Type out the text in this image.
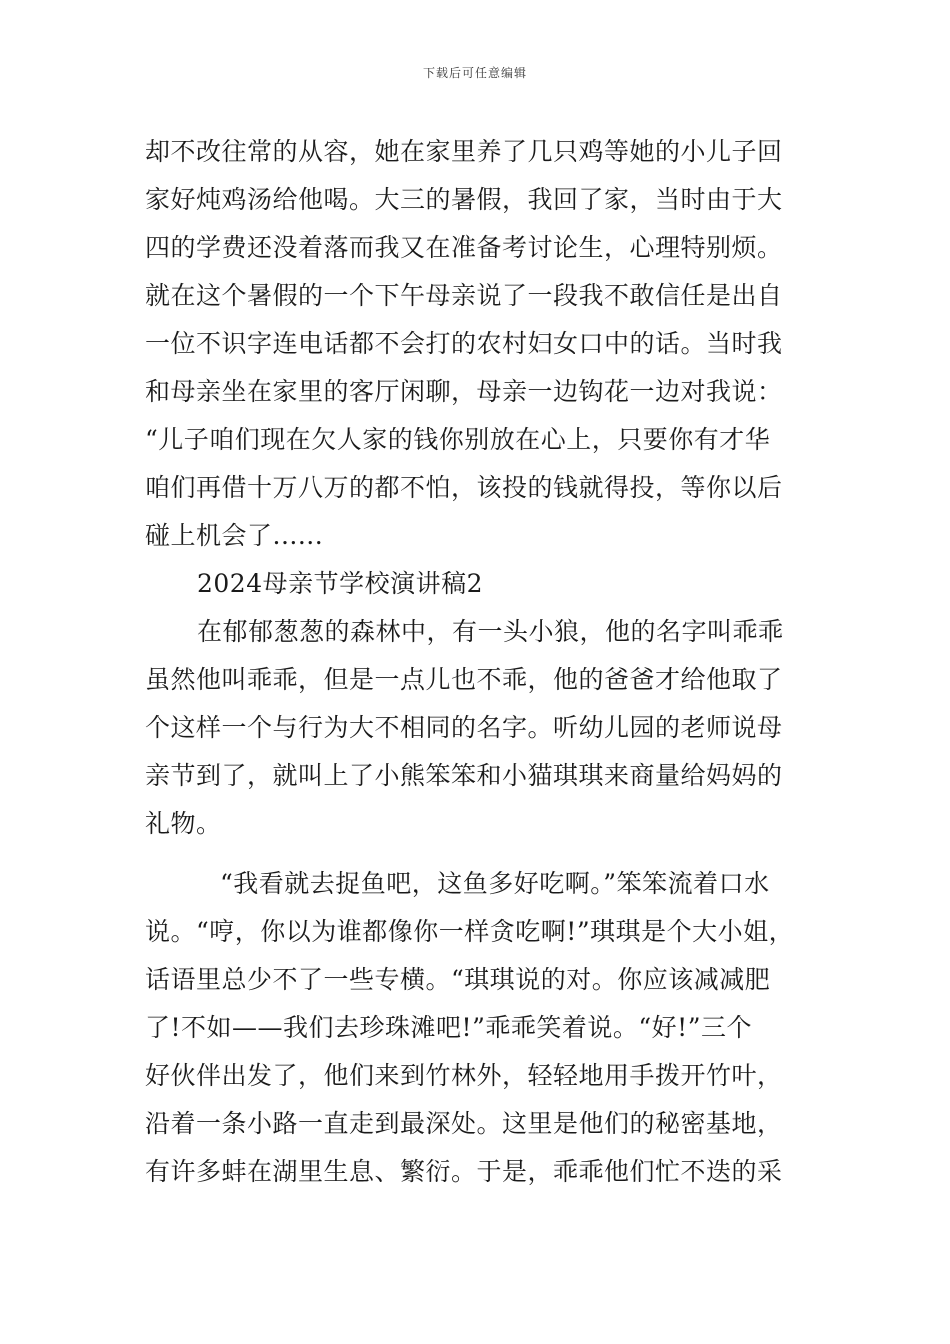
下载后可任意编辑
却不改往常的从容，她在家里养了几只鸡等她的小儿子回
家好炖鸡汤给他喝。大三的暑假，我回了家，当时由于大
四的学费还没着落而我又在准备考讨论生，心理特别烦。
就在这个暑假的一个下午母亲说了一段我不敢信任是出自
一位不识字连电话都不会打的农村妇女口中的话。当时我
和母亲坐在家里的客厅闲聊，母亲一边钩花一边对我说：
“儿子咱们现在欠人家的钱你别放在心上，只要你有才华
咱们再借十万八万的都不怕，该投的钱就得投，等你以后
碰上机会了......
2024母亲节学校演讲稿2
在郁郁葱葱的森林中，有一头小狼，他的名字叫乖乖
虽然他叫乖乖，但是一点儿也不乖，他的爸爸才给他取了
个这样一个与行为大不相同的名字。听幼儿园的老师说母
亲节到了，就叫上了小熊笨笨和小猫琪琪来商量给妈妈的
礼物。
“我看就去捉鱼吧，这鱼多好吃啊。”笨笨流着口水
说。“哼，你以为谁都像你一样贪吃啊!”琪琪是个大小姐，
话语里总少不了一些专横。“琪琪说的对。你应该减减肥
了!不如——我们去珍珠滩吧!”乖乖笑着说。“好!”三个
好伙伴出发了，他们来到竹林外，轻轻地用手拨开竹叶，
沿着一条小路一直走到最深处。这里是他们的秘密基地，
有许多蚌在湖里生息、繁衍。于是，乖乖他们忙不迭的采
